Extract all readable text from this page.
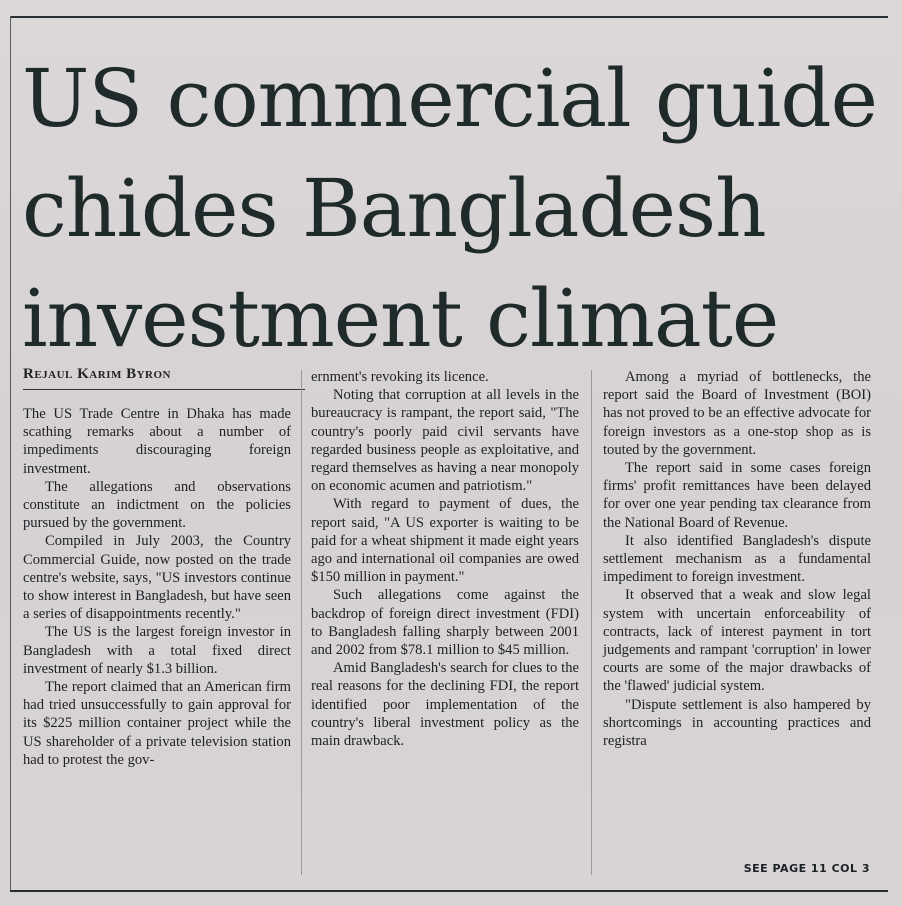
US commercial guide
chides Bangladesh
investment climate
Rejaul Karim Byron

The US Trade Centre in Dhaka has made scathing remarks about a number of impediments discouraging foreign investment.

The allegations and observations constitute an indictment on the policies pursued by the government.

Compiled in July 2003, the Country Commercial Guide, now posted on the trade centre's website, says, "US investors continue to show interest in Bangladesh, but have seen a series of disappointments recently."

The US is the largest foreign investor in Bangladesh with a total fixed direct investment of nearly $1.3 billion.

The report claimed that an American firm had tried unsuccessfully to gain approval for its $225 million container project while the US shareholder of a private television station had to protest the gov-

ernment's revoking its licence.

Noting that corruption at all levels in the bureaucracy is rampant, the report said, "The country's poorly paid civil servants have regarded business people as exploitative, and regard themselves as having a near monopoly on economic acumen and patriotism."

With regard to payment of dues, the report said, "A US exporter is waiting to be paid for a wheat shipment it made eight years ago and international oil companies are owed $150 million in payment."

Such allegations come against the backdrop of foreign direct investment (FDI) to Bangladesh falling sharply between 2001 and 2002 from $78.1 million to $45 million.

Amid Bangladesh's search for clues to the real reasons for the declining FDI, the report identified poor implementation of the country's liberal investment policy as the main drawback.

Among a myriad of bottlenecks, the report said the Board of Investment (BOI) has not proved to be an effective advocate for foreign investors as a one-stop shop as is touted by the government.

The report said in some cases foreign firms' profit remittances have been delayed for over one year pending tax clearance from the National Board of Revenue.

It also identified Bangladesh's dispute settlement mechanism as a fundamental impediment to foreign investment.

It observed that a weak and slow legal system with uncertain enforceability of contracts, lack of interest payment in tort judgements and rampant 'corruption' in lower courts are some of the major drawbacks of the 'flawed' judicial system.

"Dispute settlement is also hampered by shortcomings in accounting practices and registra

SEE PAGE 11 COL 3
